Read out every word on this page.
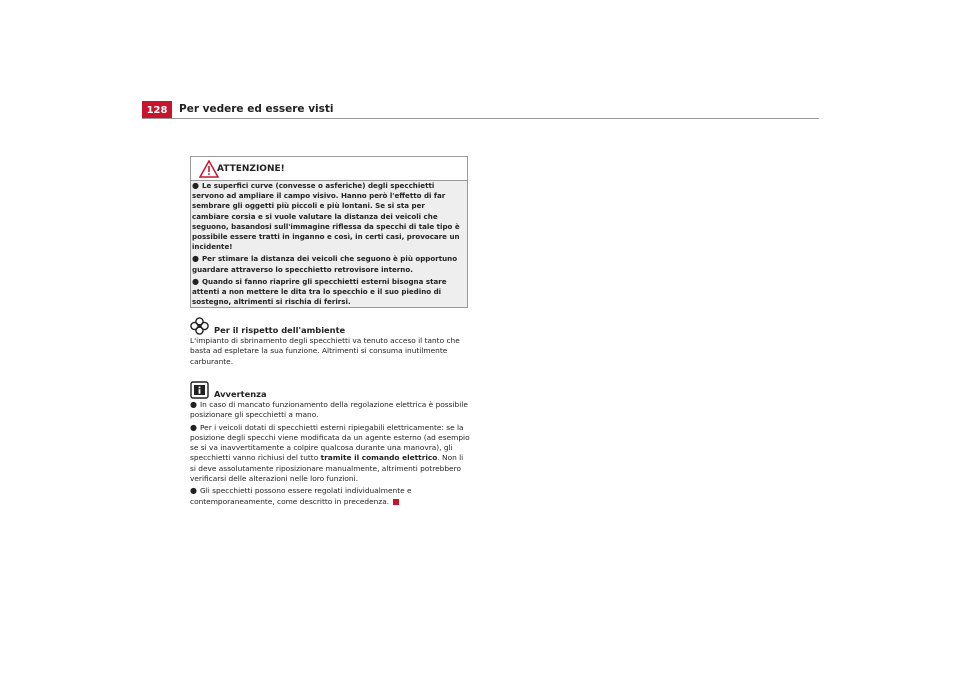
128	Per vedere ed essere visti
ATTENZIONE!

● Le superfici curve (convesse o asferiche) degli specchietti servono ad ampliare il campo visivo. Hanno però l'effetto di far sembrare gli oggetti più piccoli e più lontani. Se si sta per cambiare corsia e si vuole valutare la distanza dei veicoli che seguono, basandosi sull'immagine riflessa da specchi di tale tipo è possibile essere tratti in inganno e così, in certi casi, provocare un incidente!

● Per stimare la distanza dei veicoli che seguono è più opportuno guardare attraverso lo specchietto retrovisore interno.

● Quando si fanno riaprire gli specchietti esterni bisogna stare attenti a non mettere le dita tra lo specchio e il suo piedino di sostegno, altrimenti si rischia di ferirsi.

Per il rispetto dell'ambiente

L'impianto di sbrinamento degli specchietti va tenuto acceso il tanto che basta ad espletare la sua funzione. Altrimenti si consuma inutilmente carburante.

Avvertenza

● In caso di mancato funzionamento della regolazione elettrica è possibile posizionare gli specchietti a mano.

● Per i veicoli dotati di specchietti esterni ripiegabili elettricamente: se la posizione degli specchi viene modificata da un agente esterno (ad esempio se si va inavvertitamente a colpire qualcosa durante una manovra), gli specchietti vanno richiusi del tutto tramite il comando elettrico. Non li si deve assolutamente riposizionare manualmente, altrimenti potrebbero verificarsi delle alterazioni nelle loro funzioni.

● Gli specchietti possono essere regolati individualmente e contemporaneamente, come descritto in precedenza.
